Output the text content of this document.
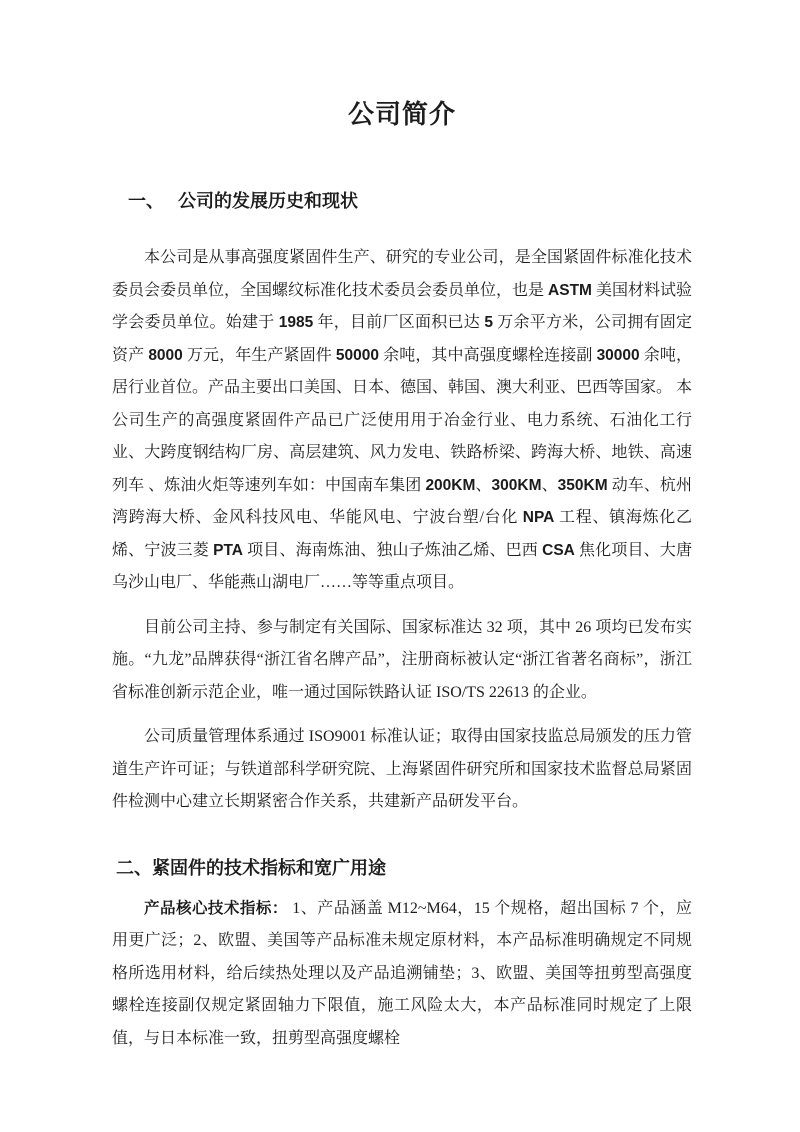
公司简介
一、 公司的发展历史和现状

本公司是从事高强度紧固件生产、研究的专业公司，是全国紧固件标准化技术委员会委员单位，全国螺纹标准化技术委员会委员单位，也是 ASTM 美国材料试验学会委员单位。始建于 1985 年，目前厂区面积已达 5 万余平方米，公司拥有固定资产 8000 万元，年生产紧固件 50000 余吨，其中高强度螺栓连接副 30000 余吨，居行业首位。产品主要出口美国、日本、德国、韩国、澳大利亚、巴西等国家。 本公司生产的高强度紧固件产品已广泛使用用于冶金行业、电力系统、石油化工行业、大跨度钢结构厂房、高层建筑、风力发电、铁路桥梁、跨海大桥、地铁、高速列车 、炼油火炬等速列车如：中国南车集团 200KM、300KM、350KM 动车、杭州湾跨海大桥、金风科技风电、华能风电、宁波台塑/台化 NPA 工程、镇海炼化乙烯、宁波三菱 PTA 项目、海南炼油、独山子炼油乙烯、巴西 CSA 焦化项目、大唐乌沙山电厂、华能燕山湖电厂……等等重点项目。

目前公司主持、参与制定有关国际、国家标准达 32 项，其中 26 项均已发布实施。“九龙”品牌获得“浙江省名牌产品”，注册商标被认定“浙江省著名商标”，浙江省标准创新示范企业，唯一通过国际铁路认证 ISO/TS 22613 的企业。

公司质量管理体系通过 ISO9001 标准认证；取得由国家技监总局颁发的压力管道生产许可证；与铁道部科学研究院、上海紧固件研究所和国家技术监督总局紧固件检测中心建立长期紧密合作关系，共建新产品研发平台。

二、紧固件的技术指标和宽广用途

产品核心技术指标： 1、产品涵盖 M12~M64，15 个规格，超出国标 7 个，应用更广泛；2、欧盟、美国等产品标准未规定原材料，本产品标准明确规定不同规格所选用材料，给后续热处理以及产品追溯铺垫；3、欧盟、美国等扭剪型高强度螺栓连接副仅规定紧固轴力下限值，施工风险太大，本产品标准同时规定了上限值，与日本标准一致，扭剪型高强度螺栓
